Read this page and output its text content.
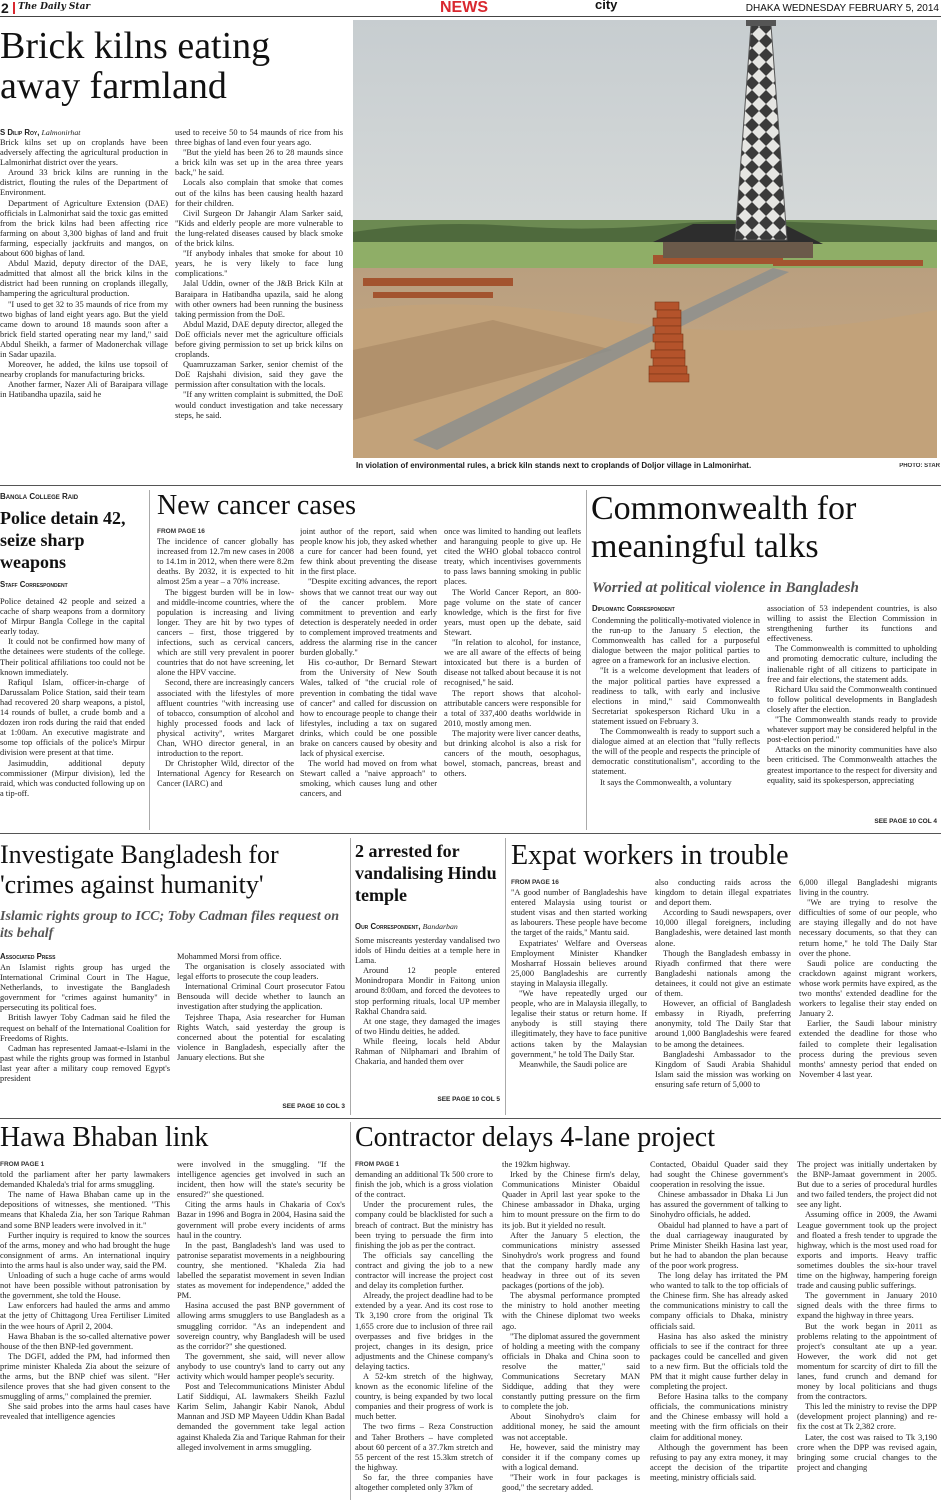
2 The Daily Star	NEWS	city	DHAKA WEDNESDAY FEBRUARY 5, 2014
Brick kilns eating away farmland
S Dilip Roy, Lalmonirhat

Brick kilns set up on croplands have been adversely affecting the agricultural production in Lalmonirhat district over the years.

Around 33 brick kilns are running in the district, flouting the rules of the Department of Environment.

Department of Agriculture Extension (DAE) officials in Lalmonirhat said the toxic gas emitted from the brick kilns had been affecting rice farming on about 3,300 bighas of land and fruit farming, especially jackfruits and mangos, on about 600 bighas of land.

Abdul Mazid, deputy director of the DAE, admitted that almost all the brick kilns in the district had been running on croplands illegally, hampering the agricultural production.

"I used to get 32 to 35 maunds of rice from my two bighas of land eight years ago. But the yield came down to around 18 maunds soon after a brick field started operating near my land," said Abdul Sheikh, a farmer of Madonerchak village in Sadar upazila.

Moreover, he added, the kilns use topsoil of nearby croplands for manufacturing bricks.

Another farmer, Nazer Ali of Baraipara village in Hatibandha upazila, said he

used to receive 50 to 54 maunds of rice from his three bighas of land even four years ago.

"But the yield has been 26 to 28 maunds since a brick kiln was set up in the area three years back," he said.

Locals also complain that smoke that comes out of the kilns has been causing health hazard for their children.

Civil Surgeon Dr Jahangir Alam Sarker said, "Kids and elderly people are more vulnerable to the lung-related diseases caused by black smoke of the brick kilns.

"If anybody inhales that smoke for about 10 years, he is very likely to face lung complications."

Jalal Uddin, owner of the J&B Brick Kiln at Baraipara in Hatibandha upazila, said he along with other owners had been running the business taking permission from the DoE.

Abdul Mazid, DAE deputy director, alleged the DoE officials never met the agriculture officials before giving permission to set up brick kilns on croplands.

Quamruzzaman Sarker, senior chemist of the DoE Rajshahi division, said they gave the permission after consultation with the locals.

"If any written complaint is submitted, the DoE would conduct investigation and take necessary steps, he said.

In violation of environmental rules, a brick kiln stands next to croplands of Doljor village in Lalmonirhat.	PHOTO: STAR
Bangla College Raid
Police detain 42, seize sharp weapons
Staff Correspondent

Police detained 42 people and seized a cache of sharp weapons from a dormitory of Mirpur Bangla College in the capital early today.

It could not be confirmed how many of the detainees were students of the college. Their political affiliations too could not be known immediately.

Rafiqul Islam, officer-in-charge of Darussalam Police Station, said their team had recovered 20 sharp weapons, a pistol, 14 rounds of bullet, a crude bomb and a dozen iron rods during the raid that ended at 1:00am. An executive magistrate and some top officials of the police's Mirpur division were present at that time.

Jasimuddin, additional deputy commissioner (Mirpur division), led the raid, which was conducted following up on a tip-off.

New cancer cases
FROM PAGE 16

The incidence of cancer globally has increased from 12.7m new cases in 2008 to 14.1m in 2012, when there were 8.2m deaths. By 2032, it is expected to hit almost 25m a year – a 70% increase.

The biggest burden will be in low- and middle-income countries, where the population is increasing and living longer. They are hit by two types of cancers – first, those triggered by infections, such as cervical cancers, which are still very prevalent in poorer countries that do not have screening, let alone the HPV vaccine.

Second, there are increasingly cancers associated with the lifestyles of more affluent countries "with increasing use of tobacco, consumption of alcohol and highly processed foods and lack of physical activity", writes Margaret Chan, WHO director general, in an introduction to the report.

Dr Christopher Wild, director of the International Agency for Research on Cancer (IARC) and

joint author of the report, said when people know his job, they asked whether a cure for cancer had been found, yet few think about preventing the disease in the first place.

"Despite exciting advances, the report shows that we cannot treat our way out of the cancer problem. More commitment to prevention and early detection is desperately needed in order to complement improved treatments and address the alarming rise in the cancer burden globally."

His co-author, Dr Bernard Stewart from the University of New South Wales, talked of "the crucial role of prevention in combating the tidal wave of cancer" and called for discussion on how to encourage people to change their lifestyles, including a tax on sugared drinks, which could be one possible brake on cancers caused by obesity and lack of physical exercise.

The world had moved on from what Stewart called a "naive approach" to smoking, which causes lung and other cancers, and

once was limited to handing out leaflets and haranguing people to give up. He cited the WHO global tobacco control treaty, which incentivises governments to pass laws banning smoking in public places.

The World Cancer Report, an 800-page volume on the state of cancer knowledge, which is the first for five years, must open up the debate, said Stewart.

"In relation to alcohol, for instance, we are all aware of the effects of being intoxicated but there is a burden of disease not talked about because it is not recognised," he said.

The report shows that alcohol-attributable cancers were responsible for a total of 337,400 deaths worldwide in 2010, mostly among men.

The majority were liver cancer deaths, but drinking alcohol is also a risk for cancers of the mouth, oesophagus, bowel, stomach, pancreas, breast and others.

Commonwealth for meaningful talks
Worried at political violence in Bangladesh
Diplomatic Correspondent

Condemning the politically-motivated violence in the run-up to the January 5 election, the Commonwealth has called for a purposeful dialogue between the major political parties to agree on a framework for an inclusive election.

"It is a welcome development that leaders of the major political parties have expressed a readiness to talk, with early and inclusive elections in mind," said Commonwealth Secretariat spokesperson Richard Uku in a statement issued on February 3.

The Commonwealth is ready to support such a dialogue aimed at an election that "fully reflects the will of the people and respects the principle of democratic constitutionalism", according to the statement.

It says the Commonwealth, a voluntary

association of 53 independent countries, is also willing to assist the Election Commission in strengthening further its functions and effectiveness.

The Commonwealth is committed to upholding and promoting democratic culture, including the inalienable right of all citizens to participate in free and fair elections, the statement adds.

Richard Uku said the Commonwealth continued to follow political developments in Bangladesh closely after the election.

"The Commonwealth stands ready to provide whatever support may be considered helpful in the post-election period."

Attacks on the minority communities have also been criticised. The Commonwealth attaches the greatest importance to the respect for diversity and equality, said its spokesperson, appreciating

SEE PAGE 10 COL 4
Investigate Bangladesh for 'crimes against humanity'
Islamic rights group to ICC; Toby Cadman files request on its behalf
Associated Press

An Islamist rights group has urged the International Criminal Court in The Hague, Netherlands, to investigate the Bangladesh government for "crimes against humanity" in persecuting its political foes.

British lawyer Toby Cadman said he filed the request on behalf of the International Coalition for Freedoms of Rights.

Cadman has represented Jamaat-e-Islami in the past while the rights group was formed in Istanbul last year after a military coup removed Egypt's president

Mohammed Morsi from office.

The organisation is closely associated with legal efforts to prosecute the coup leaders.

International Criminal Court prosecutor Fatou Bensouda will decide whether to launch an investigation after studying the application.

Tejshree Thapa, Asia researcher for Human Rights Watch, said yesterday the group is concerned about the potential for escalating violence in Bangladesh, especially after the January elections. But she

SEE PAGE 10 COL 3
2 arrested for vandalising Hindu temple
Our Correspondent, Bandarban

Some miscreants yesterday vandalised two idols of Hindu deities at a temple here in Lama.

Around 12 people entered Monindropara Mondir in Faitong union around 8:00am, and forced the devotees to stop performing rituals, local UP member Rakhal Chandra said.

At one stage, they damaged the images of two Hindu deities, he added.

While fleeing, locals held Abdur Rahman of Nilphamari and Ibrahim of Chakaria, and handed them over

SEE PAGE 10 COL 5
Expat workers in trouble
FROM PAGE 16

"A good number of Bangladeshis have entered Malaysia using tourist or student visas and then started working as labourers. These people have become the target of the raids," Mantu said.

Expatriates' Welfare and Overseas Employment Minister Khandker Mosharraf Hossain believes around 25,000 Bangladeshis are currently staying in Malaysia illegally.

"We have repeatedly urged our people, who are in Malaysia illegally, to legalise their status or return home. If anybody is still staying there illegitimately, they have to face punitive actions taken by the Malaysian government," he told The Daily Star.

Meanwhile, the Saudi police are

also conducting raids across the kingdom to detain illegal expatriates and deport them.

According to Saudi newspapers, over 10,000 illegal foreigners, including Bangladeshis, were detained last month alone.

Though the Bangladesh embassy in Riyadh confirmed that there were Bangladeshi nationals among the detainees, it could not give an estimate of them.

However, an official of Bangladesh embassy in Riyadh, preferring anonymity, told The Daily Star that around 1,000 Bangladeshis were feared to be among the detainees.

Bangladeshi Ambassador to the Kingdom of Saudi Arabia Shahidul Islam said the mission was working on ensuring safe return of 5,000 to

6,000 illegal Bangladeshi migrants living in the country.

"We are trying to resolve the difficulties of some of our people, who are staying illegally and do not have necessary documents, so that they can return home," he told The Daily Star over the phone.

Saudi police are conducting the crackdown against migrant workers, whose work permits have expired, as the two months' extended deadline for the workers to legalise their stay ended on January 2.

Earlier, the Saudi labour ministry extended the deadline for those who failed to complete their legalisation process during the previous seven months' amnesty period that ended on November 4 last year.

Hawa Bhaban link
FROM PAGE 1

told the parliament after her party lawmakers demanded Khaleda's trial for arms smuggling.

The name of Hawa Bhaban came up in the depositions of witnesses, she mentioned. "This means that Khaleda Zia, her son Tarique Rahman and some BNP leaders were involved in it."

Further inquiry is required to know the sources of the arms, money and who had brought the huge consignment of arms. An international inquiry into the arms haul is also under way, said the PM.

Unloading of such a huge cache of arms would not have been possible without patronisation by the government, she told the House.

Law enforcers had hauled the arms and ammo at the jetty of Chittagong Urea Fertiliser Limited in the wee hours of April 2, 2004.

Hawa Bhaban is the so-called alternative power house of the then BNP-led government.

The DGFI, added the PM, had informed then prime minister Khaleda Zia about the seizure of the arms, but the BNP chief was silent. "Her silence proves that she had given consent to the smuggling of arms," complained the premier.

She said probes into the arms haul cases have revealed that intelligence agencies

were involved in the smuggling. "If the intelligence agencies get involved in such an incident, then how will the state's security be ensured?" she questioned.

Citing the arms hauls in Chakaria of Cox's Bazar in 1996 and Bogra in 2004, Hasina said the government will probe every incidents of arms haul in the country.

In the past, Bangladesh's land was used to patronise separatist movements in a neighbouring country, she mentioned. "Khaleda Zia had labelled the separatist movement in seven Indian states as movement for independence," added the PM.

Hasina accused the past BNP government of allowing arms smugglers to use Bangladesh as a smuggling corridor. "As an independent and sovereign country, why Bangladesh will be used as the corridor?" she questioned.

The government, she said, will never allow anybody to use country's land to carry out any activity which would hamper people's security.

Post and Telecommunications Minister Abdul Latif Siddiqui, AL lawmakers Sheikh Fazlul Karim Selim, Jahangir Kabir Nanok, Abdul Mannan and JSD MP Mayeen Uddin Khan Badal demanded the government take legal action against Khaleda Zia and Tarique Rahman for their alleged involvement in arms smuggling.

Contractor delays 4-lane project
FROM PAGE 1

demanding an additional Tk 500 crore to finish the job, which is a gross violation of the contract.

Under the procurement rules, the company could be blacklisted for such a breach of contract. But the ministry has been trying to persuade the firm into finishing the job as per the contract.

The officials say cancelling the contract and giving the job to a new contractor will increase the project cost and delay its completion further.

Already, the project deadline had to be extended by a year. And its cost rose to Tk 3,190 crore from the original Tk 1,655 crore due to inclusion of three rail overpasses and five bridges in the project, changes in its design, price adjustments and the Chinese company's delaying tactics.

A 52-km stretch of the highway, known as the economic lifeline of the country, is being expanded by two local companies and their progress of work is much better.

The two firms – Reza Construction and Taher Brothers – have completed about 60 percent of a 37.7km stretch and 55 percent of the rest 15.3km stretch of the highway.

So far, the three companies have altogether completed only 37km of

the 192km highway.

Irked by the Chinese firm's delay, Communications Minister Obaidul Quader in April last year spoke to the Chinese ambassador in Dhaka, urging him to mount pressure on the firm to do its job. But it yielded no result.

After the January 5 election, the communications ministry assessed Sinohydro's work progress and found that the company hardly made any headway in three out of its seven packages (portions of the job).

The abysmal performance prompted the ministry to hold another meeting with the Chinese diplomat two weeks ago.

"The diplomat assured the government of holding a meeting with the company officials in Dhaka and China soon to resolve the matter," said Communications Secretary MAN Siddique, adding that they were constantly putting pressure on the firm to complete the job.

About Sinohydro's claim for additional money, he said the amount was not acceptable.

He, however, said the ministry may consider it if the company comes up with a logical demand.

"Their work in four packages is good," the secretary added.

Contacted, Obaidul Quader said they had sought the Chinese government's cooperation in resolving the issue.

Chinese ambassador in Dhaka Li Jun has assured the government of talking to Sinohydro officials, he added.

Obaidul had planned to have a part of the dual carriageway inaugurated by Prime Minister Sheikh Hasina last year, but he had to abandon the plan because of the poor work progress.

The long delay has irritated the PM who wanted to talk to the top officials of the Chinese firm. She has already asked the communications ministry to call the company officials to Dhaka, ministry officials said.

Hasina has also asked the ministry officials to see if the contract for three packages could be cancelled and given to a new firm. But the officials told the PM that it might cause further delay in completing the project.

Before Hasina talks to the company officials, the communications ministry and the Chinese embassy will hold a meeting with the firm officials on their claim for additional money.

Although the government has been refusing to pay any extra money, it may accept the decision of the tripartite meeting, ministry officials said.

The project was initially undertaken by the BNP-Jamaat government in 2005. But due to a series of procedural hurdles and two failed tenders, the project did not see any light.

Assuming office in 2009, the Awami League government took up the project and floated a fresh tender to upgrade the highway, which is the most used road for exports and imports. Heavy traffic sometimes doubles the six-hour travel time on the highway, hampering foreign trade and causing public sufferings.

The government in January 2010 signed deals with the three firms to expand the highway in three years.

But the work began in 2011 as problems relating to the appointment of project's consultant ate up a year. However, the work did not get momentum for scarcity of dirt to fill the lanes, fund crunch and demand for money by local politicians and thugs from the contractors.

This led the ministry to revise the DPP (development project planning) and re-fix the cost at Tk 2,382 crore.

Later, the cost was raised to Tk 3,190 crore when the DPP was revised again, bringing some crucial changes to the project and changing
